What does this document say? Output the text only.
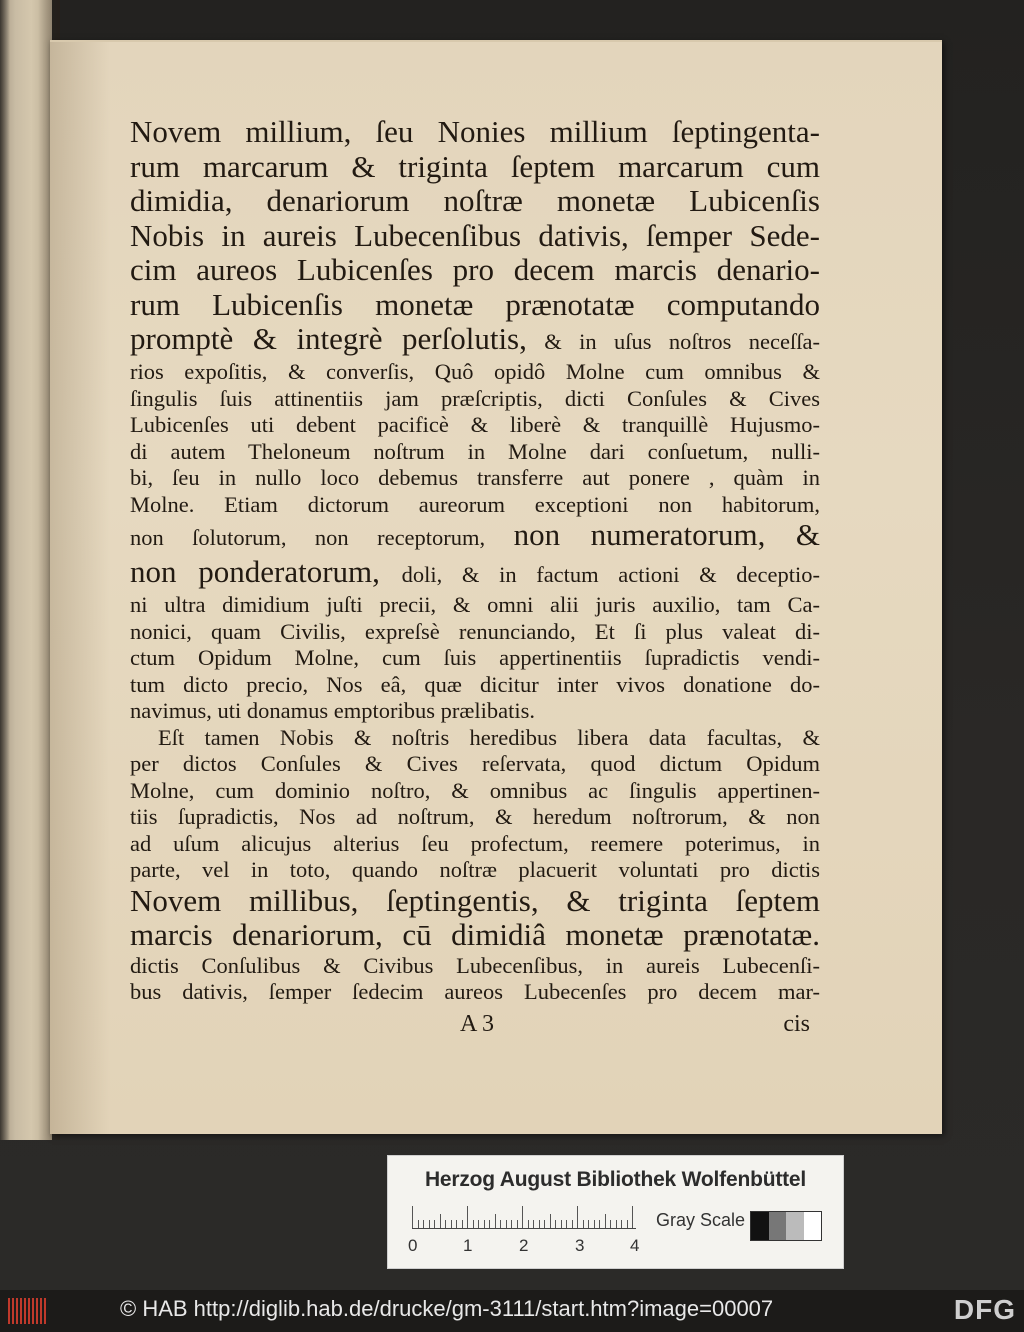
Novem millium, ſeu Nonies millium ſeptingenta-
rum marcarum & triginta ſeptem marcarum cum
dimidia, denariorum noſtræ monetæ Lubicenſis
Nobis in aureis Lubecenſibus dativis, ſemper Sede-
cim aureos Lubicenſes pro decem marcis denario-
rum Lubicenſis monetæ prænotatæ computando
promptè & integrè perſolutis, & in uſus noſtros neceſſa-
rios expoſitis, & converſis, Quô opidô Molne cum omnibus &
ſingulis ſuis attinentiis jam præſcriptis, dicti Conſules & Cives
Lubicenſes uti debent pacificè & liberè & tranquillè Hujusmo-
di autem Theloneum noſtrum in Molne dari conſuetum, nulli-
bi, ſeu in nullo loco debemus transferre aut ponere , quàm in
Molne. Etiam dictorum aureorum exceptioni non habitorum,
non ſolutorum, non receptorum, non numeratorum, &
non ponderatorum, doli, & in factum actioni & deceptio-
ni ultra dimidium juſti precii, & omni alii juris auxilio, tam Ca-
nonici, quam Civilis, expreſsè renunciando, Et ſi plus valeat di-
ctum Opidum Molne, cum ſuis appertinentiis ſupradictis vendi-
tum dicto precio, Nos eâ, quæ dicitur inter vivos donatione do-
navimus, uti donamus emptoribus prælibatis.
Eſt tamen Nobis & noſtris heredibus libera data facultas, &
per dictos Conſules & Cives reſervata, quod dictum Opidum
Molne, cum dominio noſtro, & omnibus ac ſingulis appertinen-
tiis ſupradictis, Nos ad noſtrum, & heredum noſtrorum, & non
ad uſum alicujus alterius ſeu profectum, reemere poterimus, in
parte, vel in toto, quando noſtræ placuerit voluntati pro dictis
Novem millibus, ſeptingentis, & triginta ſeptem
marcis denariorum, cū dimidiâ monetæ prænotatæ.
dictis Conſulibus & Civibus Lubecenſibus, in aureis Lubecenſi-
bus dativis, ſemper ſedecim aureos Lubecenſes pro decem mar-
A 3	cis
Herzog August Bibliothek Wolfenbüttel
0	1	2	3	4
Gray Scale
© HAB http://diglib.hab.de/drucke/gm-3111/start.htm?image=00007	DFG
